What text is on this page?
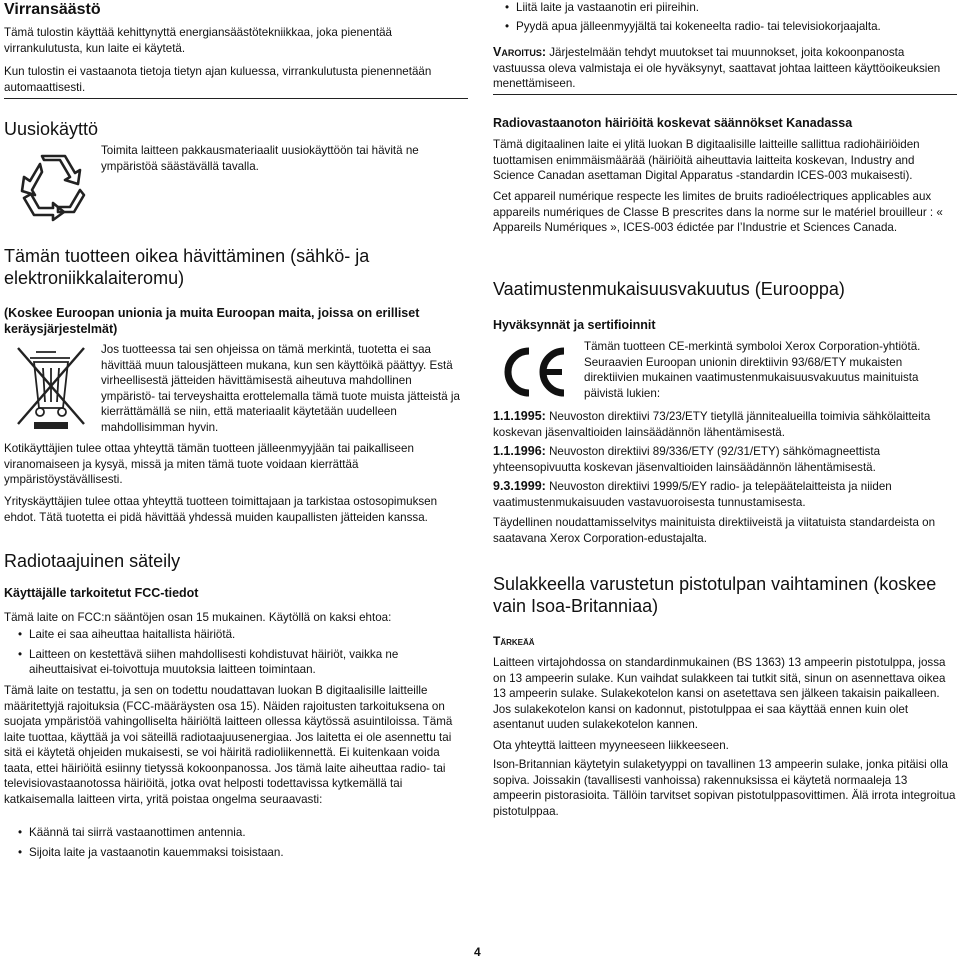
Virransäästö

Tämä tulostin käyttää kehittynyttä energiansäästötekniikkaa, joka pienentää virrankulutusta, kun laite ei käytetä.

Kun tulostin ei vastaanota tietoja tietyn ajan kuluessa, virrankulutusta pienennetään automaattisesti.

Uusiokäyttö

Toimita laitteen pakkausmateriaalit uusiokäyttöön tai hävitä ne ympäristöä säästävällä tavalla.

Tämän tuotteen oikea hävittäminen (sähkö- ja elektroniikkalaiteromu)

(Koskee Euroopan unionia ja muita Euroopan maita, joissa on erilliset keräysjärjestelmät)

Jos tuotteessa tai sen ohjeissa on tämä merkintä, tuotetta ei saa hävittää muun talousjätteen mukana, kun sen käyttöikä päättyy. Estä virheellisestä jätteiden hävittämisestä aiheutuva mahdollinen ympäristö- tai terveyshaitta erottelemalla tämä tuote muista jätteistä ja kierrättämällä se niin, että materiaalit käytetään uudelleen mahdollisimman hyvin.

Kotikäyttäjien tulee ottaa yhteyttä tämän tuotteen jälleenmyyjään tai paikalliseen viranomaiseen ja kysyä, missä ja miten tämä tuote voidaan kierrättää ympäristöystävällisesti.

Yrityskäyttäjien tulee ottaa yhteyttä tuotteen toimittajaan ja tarkistaa ostosopimuksen ehdot. Tätä tuotetta ei pidä hävittää yhdessä muiden kaupallisten jätteiden kanssa.

Radiotaajuinen säteily

Käyttäjälle tarkoitetut FCC-tiedot

Tämä laite on FCC:n sääntöjen osan 15 mukainen. Käytöllä on kaksi ehtoa:

• Laite ei saa aiheuttaa haitallista häiriötä.
• Laitteen on kestettävä siihen mahdollisesti kohdistuvat häiriöt, vaikka ne aiheuttaisivat ei-toivottuja muutoksia laitteen toimintaan.

Tämä laite on testattu, ja sen on todettu noudattavan luokan B digitaalisille laitteille määritettyjä rajoituksia (FCC-määräysten osa 15). Näiden rajoitusten tarkoituksena on suojata ympäristöä vahingolliselta häiriöltä laitteen ollessa käytössä asuintiloissa. Tämä laite tuottaa, käyttää ja voi säteillä radiotaajuusenergiaa. Jos laitetta ei ole asennettu tai sitä ei käytetä ohjeiden mukaisesti, se voi häiritä radioliikennettä. Ei kuitenkaan voida taata, ettei häiriöitä esiinny tietyssä kokoonpanossa. Jos tämä laite aiheuttaa radio- tai televisiovastaanotossa häiriöitä, jotka ovat helposti todettavissa kytkemällä tai katkaisemalla laitteen virta, yritä poistaa ongelma seuraavasti:

• Käännä tai siirrä vastaanottimen antennia.
• Sijoita laite ja vastaanotin kauemmaksi toisistaan.
• Liitä laite ja vastaanotin eri piireihin.
• Pyydä apua jälleenmyyjältä tai kokeneelta radio- tai televisiokorjaajalta.

Varoitus: Järjestelmään tehdyt muutokset tai muunnokset, joita kokoonpanosta vastuussa oleva valmistaja ei ole hyväksynyt, saattavat johtaa laitteen käyttöoikeuksien menettämiseen.

Radiovastaanoton häiriöitä koskevat säännökset Kanadassa

Tämä digitaalinen laite ei ylitä luokan B digitaalisille laitteille sallittua radiohäiriöiden tuottamisen enimmäismäärää (häiriöitä aiheuttavia laitteita koskevan, Industry and Science Canadan asettaman Digital Apparatus -standardin ICES-003 mukaisesti).

Cet appareil numérique respecte les limites de bruits radioélectriques applicables aux appareils numériques de Classe B prescrites dans la norme sur le matériel brouilleur : « Appareils Numériques », ICES-003 édictée par l’Industrie et Sciences Canada.

Vaatimustenmukaisuusvakuutus (Eurooppa)

Hyväksynnät ja sertifioinnit

Tämän tuotteen CE-merkintä symboloi Xerox Corporation-yhtiötä. Seuraavien Euroopan unionin direktiivin 93/68/ETY mukaisten direktiivien mukainen vaatimustenmukaisuusvakuutus mainituista päivistä lukien:

1.1.1995: Neuvoston direktiivi 73/23/ETY tietyllä jännitealueilla toimivia sähkölaitteita koskevan jäsenvaltioiden lainsäädännön lähentämisestä.

1.1.1996: Neuvoston direktiivi 89/336/ETY (92/31/ETY) sähkömagneettista yhteensopivuutta koskevan jäsenvaltioiden lainsäädännön lähentämisestä.

9.3.1999: Neuvoston direktiivi 1999/5/EY radio- ja telepäätelaitteista ja niiden vaatimustenmukaisuuden vastavuoroisesta tunnustamisesta.

Täydellinen noudattamisselvitys mainituista direktiiveistä ja viitatuista standardeista on saatavana Xerox Corporation-edustajalta.

Sulakkeella varustetun pistotulpan vaihtaminen (koskee vain Isoa-Britanniaa)

Tärkeää

Laitteen virtajohdossa on standardinmukainen (BS 1363) 13 ampeerin pistotulppa, jossa on 13 ampeerin sulake. Kun vaihdat sulakkeen tai tutkit sitä, sinun on asennettava oikea 13 ampeerin sulake. Sulakekotelon kansi on asetettava sen jälkeen takaisin paikalleen. Jos sulakekotelon kansi on kadonnut, pistotulppaa ei saa käyttää ennen kuin olet asentanut uuden sulakekotelon kannen.

Ota yhteyttä laitteen myyneeseen liikkeeseen.

Ison-Britannian käytetyin sulaketyyppi on tavallinen 13 ampeerin sulake, jonka pitäisi olla sopiva. Joissakin (tavallisesti vanhoissa) rakennuksissa ei käytetä normaaleja 13 ampeerin pistorasioita. Tällöin tarvitset sopivan pistotulppasovittimen. Älä irrota integroitua pistotulppaa.

4
